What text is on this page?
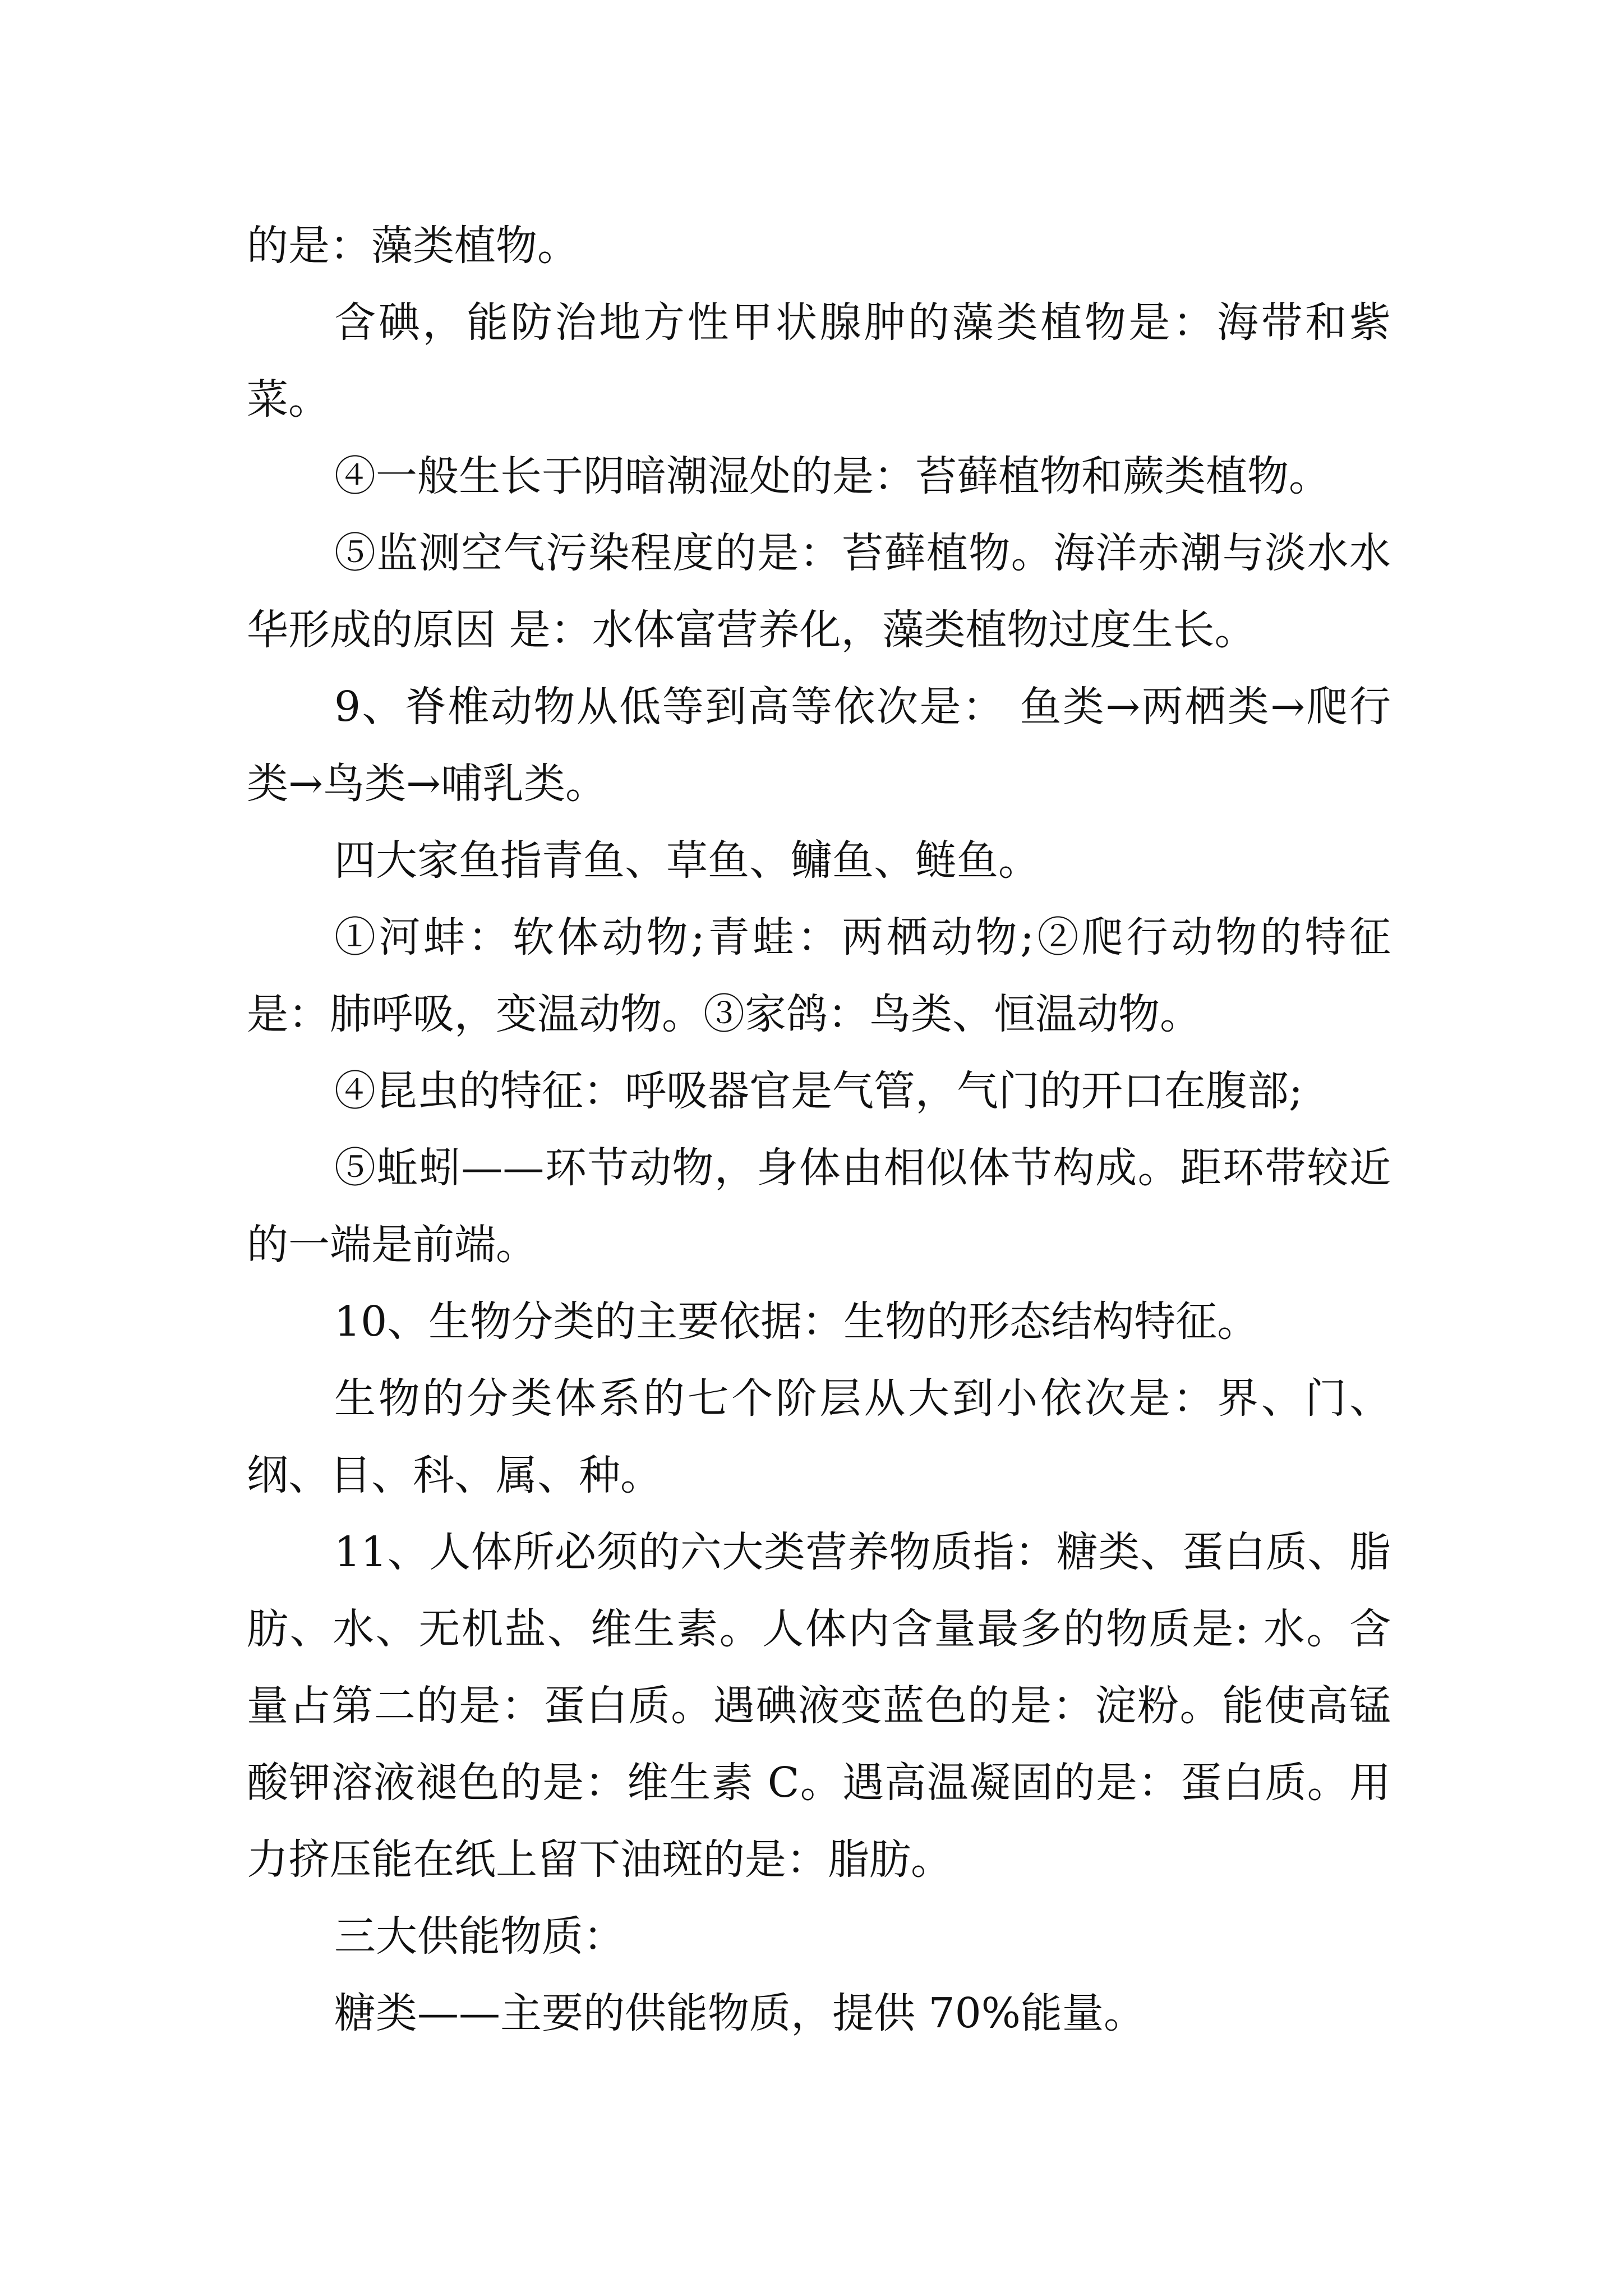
的是：藻类植物。

含碘，能防治地方性甲状腺肿的藻类植物是：海带和紫菜。

④一般生长于阴暗潮湿处的是：苔藓植物和蕨类植物。

⑤监测空气污染程度的是：苔藓植物。海洋赤潮与淡水水华形成的原因 是：水体富营养化，藻类植物过度生长。

9、脊椎动物从低等到高等依次是： 鱼类→两栖类→爬行类→鸟类→哺乳类。

四大家鱼指青鱼、草鱼、鳙鱼、鲢鱼。

①河蚌：软体动物;青蛙：两栖动物;②爬行动物的特征是：肺呼吸，变温动物。③家鸽：鸟类、恒温动物。

④昆虫的特征：呼吸器官是气管，气门的开口在腹部;

⑤蚯蚓——环节动物，身体由相似体节构成。距环带较近的一端是前端。

10、生物分类的主要依据：生物的形态结构特征。

生物的分类体系的七个阶层从大到小依次是：界、门、纲、目、科、属、种。

11、人体所必须的六大类营养物质指：糖类、蛋白质、脂肪、水、无机盐、维生素。人体内含量最多的物质是: 水。含量占第二的是：蛋白质。遇碘液变蓝色的是：淀粉。能使高锰酸钾溶液褪色的是：维生素 C。遇高温凝固的是：蛋白质。用力挤压能在纸上留下油斑的是：脂肪。

三大供能物质：

糖类——主要的供能物质，提供 70%能量。
